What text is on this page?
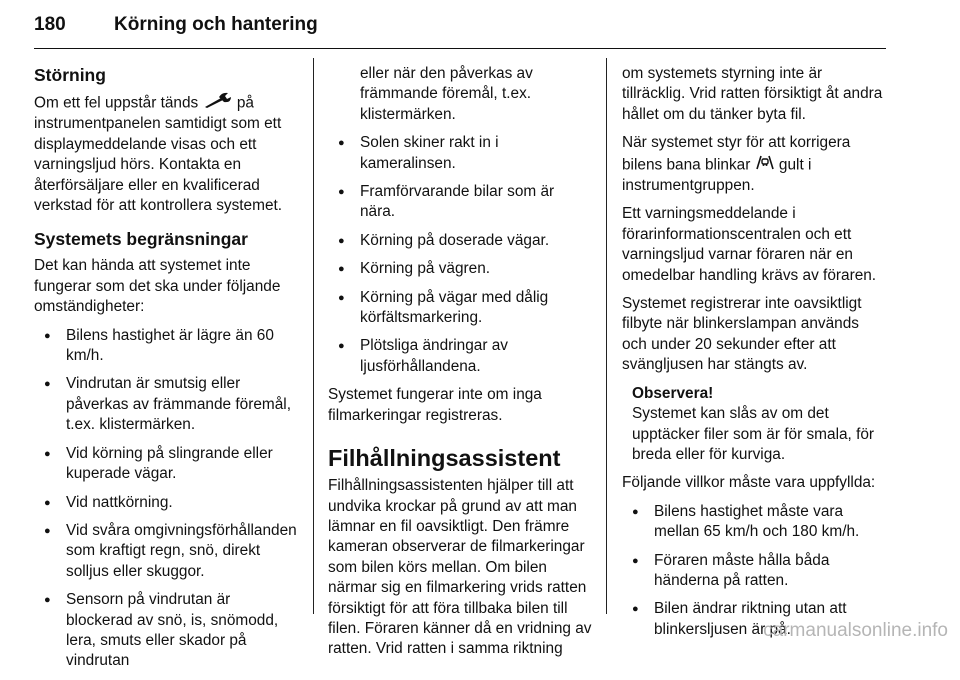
180	Körning och hantering
Störning

Om ett fel uppstår tänds	på instrumentpanelen samtidigt som ett displaymeddelande visas och ett varningsljud hörs. Kontakta en återförsäljare eller en kvalificerad verkstad för att kontrollera systemet.

Systemets begränsningar

Det kan hända att systemet inte fungerar som det ska under följande omständigheter:

● Bilens hastighet är lägre än 60 km/h.
● Vindrutan är smutsig eller påverkas av främmande föremål, t.ex. klistermärken.
● Vid körning på slingrande eller kuperade vägar.
● Vid nattkörning.
● Vid svåra omgivningsförhållanden som kraftigt regn, snö, direkt solljus eller skuggor.
● Sensorn på vindrutan är blockerad av snö, is, snömodd, lera, smuts eller skador på vindrutan
eller när den påverkas av främmande föremål, t.ex. klistermärken.
● Solen skiner rakt in i kameralinsen.
● Framförvarande bilar som är nära.
● Körning på doserade vägar.
● Körning på vägren.
● Körning på vägar med dålig körfältsmarkering.
● Plötsliga ändringar av ljusförhållandena.

Systemet fungerar inte om inga filmarkeringar registreras.

Filhållningsassistent

Filhållningsassistenten hjälper till att undvika krockar på grund av att man lämnar en fil oavsiktligt. Den främre kameran observerar de filmarkeringar som bilen körs mellan. Om bilen närmar sig en filmarkering vrids ratten försiktigt för att föra tillbaka bilen till filen. Föraren känner då en vridning av ratten. Vrid ratten i samma riktning

om systemets styrning inte är tillräcklig. Vrid ratten försiktigt åt andra hållet om du tänker byta fil.

När systemet styr för att korrigera bilens bana blinkar  gult i instrumentgruppen.

Ett varningsmeddelande i förarinformationscentralen och ett varningsljud varnar föraren när en omedelbar handling krävs av föraren.

Systemet registrerar inte oavsiktligt filbyte när blinkerslampan används och under 20 sekunder efter att svängljusen har stängts av.

Observera!
Systemet kan slås av om det upptäcker filer som är för smala, för breda eller för kurviga.

Följande villkor måste vara uppfyllda:

● Bilens hastighet måste vara mellan 65 km/h och 180 km/h.
● Föraren måste hålla båda händerna på ratten.
● Bilen ändrar riktning utan att blinkersljusen är på.
carmanualsonline.info
